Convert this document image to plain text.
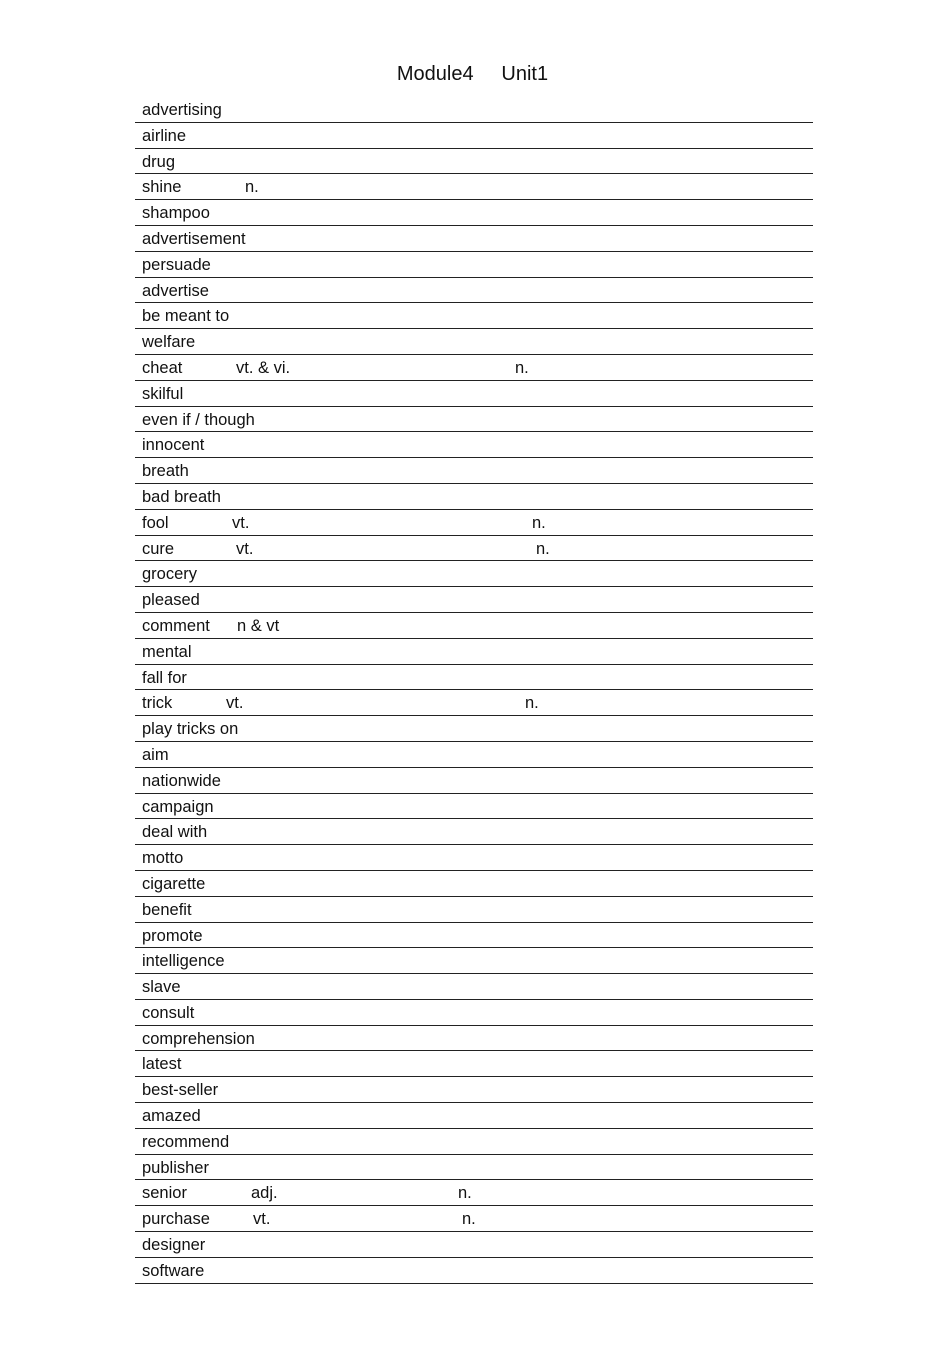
Module4     Unit1
advertising
airline
drug
shine	n.
shampoo
advertisement
persuade
advertise
be meant to
welfare
cheat	vt. & vi.	n.
skilful
even if / though
innocent
breath
bad breath
fool	vt.	n.
cure	vt.	n.
grocery
pleased
comment n & vt
mental
fall for
trick	vt.	n.
play tricks on
aim
nationwide
campaign
deal with
motto
cigarette
benefit
promote
intelligence
slave
consult
comprehension
latest
best-seller
amazed
recommend
publisher
senior	adj.	n.
purchase	vt.	n.
designer
software
